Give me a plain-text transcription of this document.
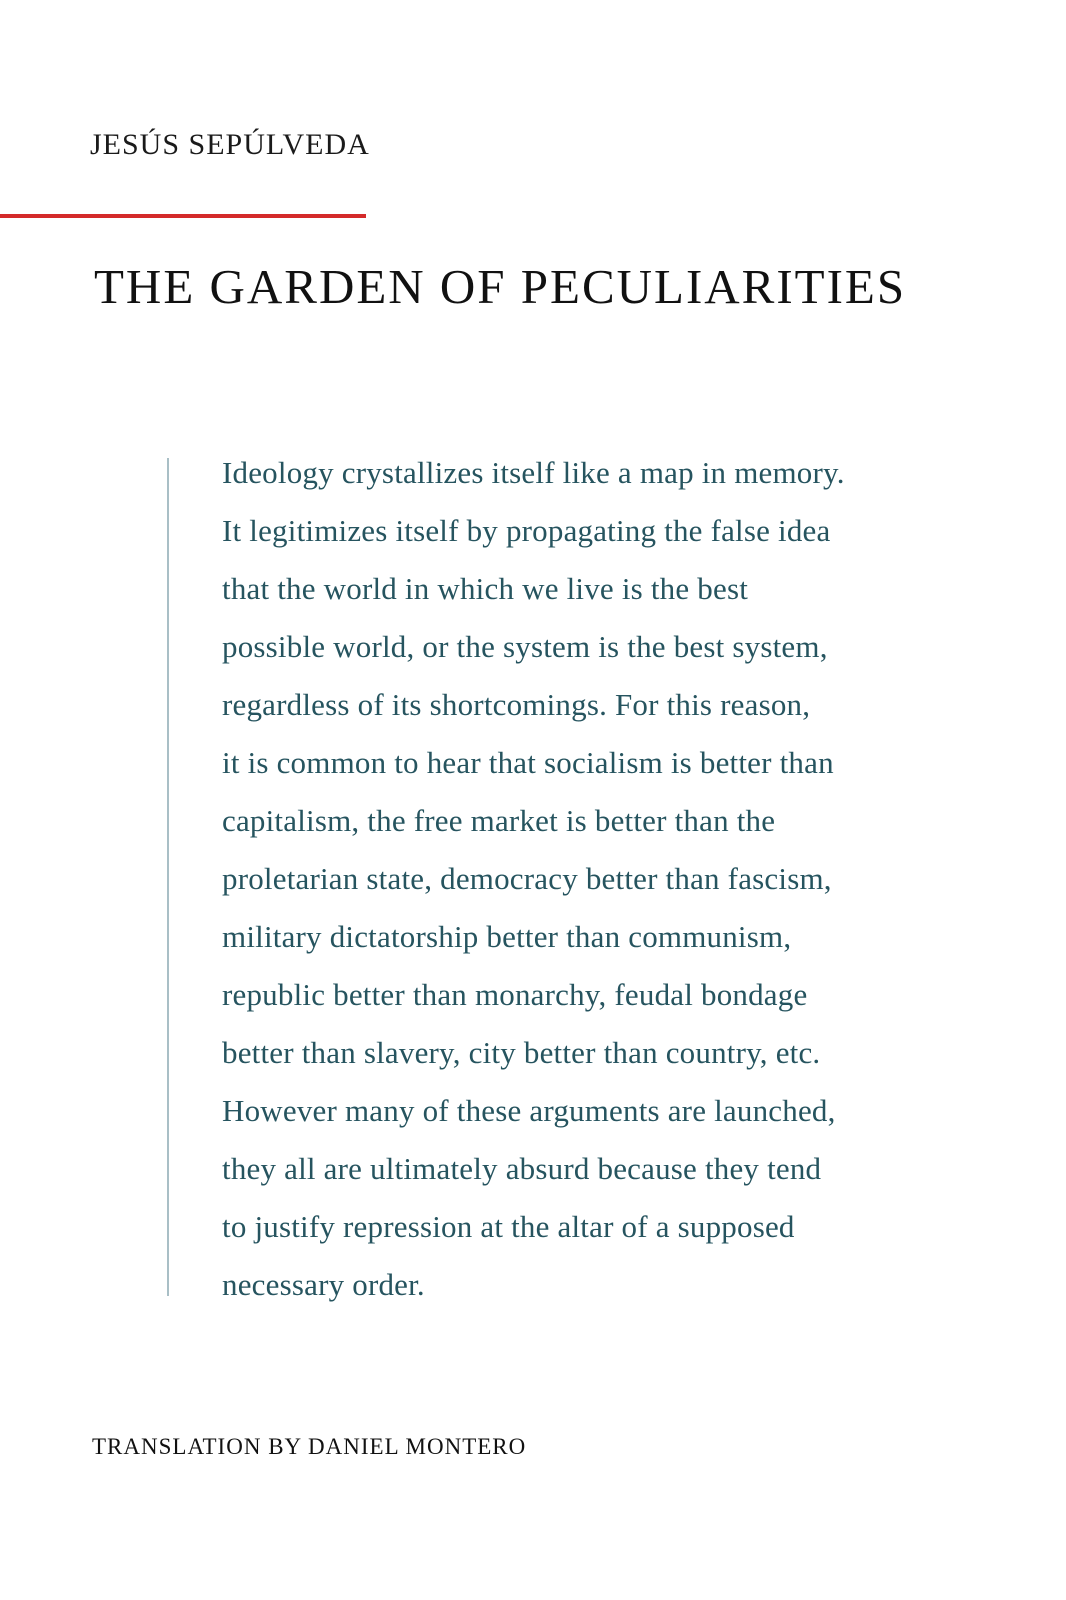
JESÚS SEPÚLVEDA
THE GARDEN OF PECULIARITIES
Ideology crystallizes itself like a map in memory.
It legitimizes itself by propagating the false idea
that the world in which we live is the best
possible world, or the system is the best system,
regardless of its shortcomings. For this reason,
it is common to hear that socialism is better than
capitalism, the free market is better than the
proletarian state, democracy better than fascism,
military dictatorship better than communism,
republic better than monarchy, feudal bondage
better than slavery, city better than country, etc.
However many of these arguments are launched,
they all are ultimately absurd because they tend
to justify repression at the altar of a supposed
necessary order.
TRANSLATION BY DANIEL MONTERO
